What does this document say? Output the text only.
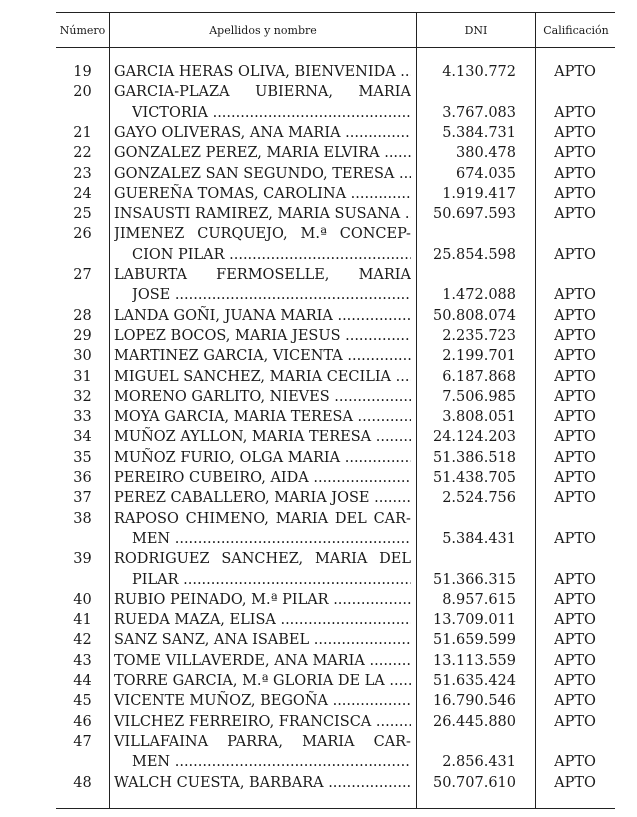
Número	Apellidos y nombre	DNI	Calificación
19	GARCIA HERAS OLIVA, BIENVENIDA .....	4.130.772	APTO
20	GARCIA-PLAZA UBIERNA, MARIA
VICTORIA .....	3.767.083	APTO
21	GAYO OLIVERAS, ANA MARIA .....	5.384.731	APTO
22	GONZALEZ PEREZ, MARIA ELVIRA .....	380.478	APTO
23	GONZALEZ SAN SEGUNDO, TERESA .....	674.035	APTO
24	GUEREÑA TOMAS, CAROLINA .....	1.919.417	APTO
25	INSAUSTI RAMIREZ, MARIA SUSANA .....	50.697.593	APTO
26	JIMENEZ CURQUEJO, M.ª CONCEP-
CION PILAR .....	25.854.598	APTO
27	LABURTA FERMOSELLE, MARIA
JOSE .....	1.472.088	APTO
28	LANDA GOÑI, JUANA MARIA .....	50.808.074	APTO
29	LOPEZ BOCOS, MARIA JESUS .....	2.235.723	APTO
30	MARTINEZ GARCIA, VICENTA .....	2.199.701	APTO
31	MIGUEL SANCHEZ, MARIA CECILIA .....	6.187.868	APTO
32	MORENO GARLITO, NIEVES .....	7.506.985	APTO
33	MOYA GARCIA, MARIA TERESA .....	3.808.051	APTO
34	MUÑOZ AYLLON, MARIA TERESA .....	24.124.203	APTO
35	MUÑOZ FURIO, OLGA MARIA .....	51.386.518	APTO
36	PEREIRO CUBEIRO, AIDA .....	51.438.705	APTO
37	PEREZ CABALLERO, MARIA JOSE .....	2.524.756	APTO
38	RAPOSO CHIMENO, MARIA DEL CAR-
MEN .....	5.384.431	APTO
39	RODRIGUEZ SANCHEZ, MARIA DEL
PILAR .....	51.366.315	APTO
40	RUBIO PEINADO, M.ª PILAR .....	8.957.615	APTO
41	RUEDA MAZA, ELISA .....	13.709.011	APTO
42	SANZ SANZ, ANA ISABEL .....	51.659.599	APTO
43	TOME VILLAVERDE, ANA MARIA .....	13.113.559	APTO
44	TORRE GARCIA, M.ª GLORIA DE LA .....	51.635.424	APTO
45	VICENTE MUÑOZ, BEGOÑA .....	16.790.546	APTO
46	VILCHEZ FERREIRO, FRANCISCA .....	26.445.880	APTO
47	VILLAFAINA PARRA, MARIA CAR-
MEN .....	2.856.431	APTO
48	WALCH CUESTA, BARBARA .....	50.707.610	APTO
